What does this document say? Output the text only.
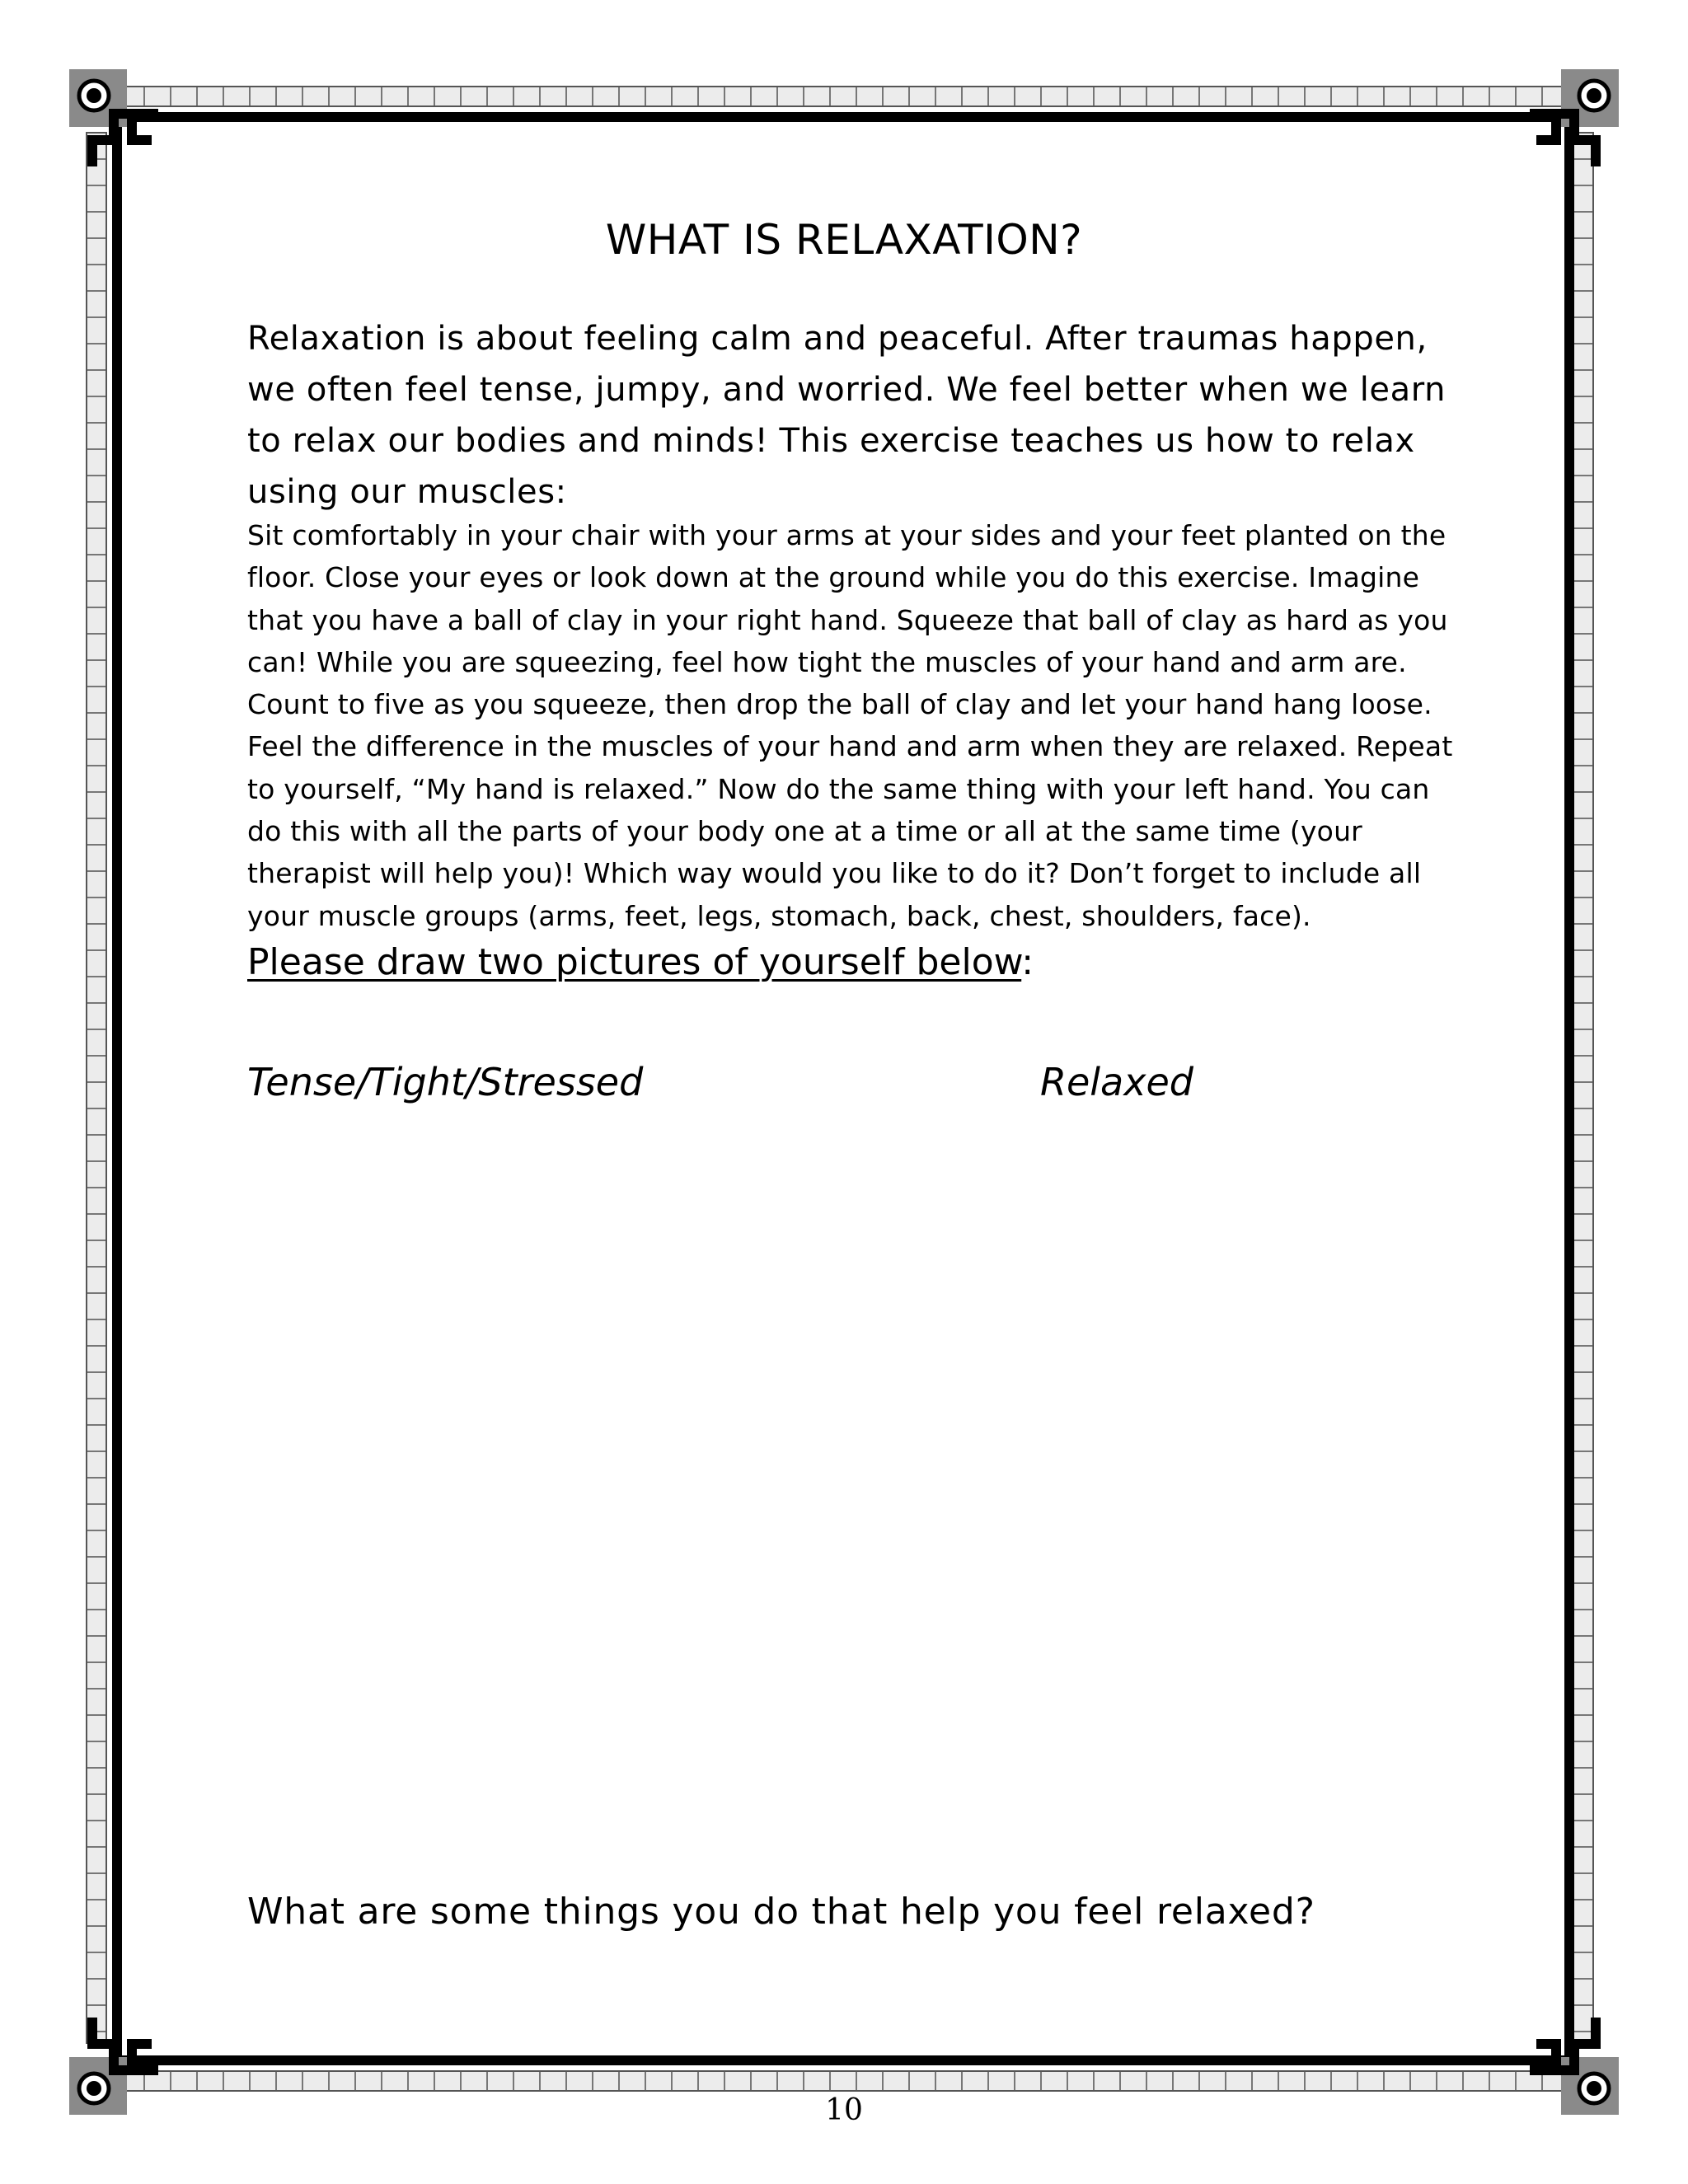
WHAT IS RELAXATION?

Relaxation is about feeling calm and peaceful. After traumas happen, we often feel tense, jumpy, and worried. We feel better when we learn to relax our bodies and minds! This exercise teaches us how to relax using our muscles:

Sit comfortably in your chair with your arms at your sides and your feet planted on the floor. Close your eyes or look down at the ground while you do this exercise. Imagine that you have a ball of clay in your right hand. Squeeze that ball of clay as hard as you can! While you are squeezing, feel how tight the muscles of your hand and arm are. Count to five as you squeeze, then drop the ball of clay and let your hand hang loose. Feel the difference in the muscles of your hand and arm when they are relaxed. Repeat to yourself, “My hand is relaxed.” Now do the same thing with your left hand. You can do this with all the parts of your body one at a time or all at the same time (your therapist will help you)! Which way would you like to do it? Don’t forget to include all your muscle groups (arms, feet, legs, stomach, back, chest, shoulders, face).

Please draw two pictures of yourself below:
Tense/Tight/Stressed	Relaxed
What are some things you do that help you feel relaxed?
10
